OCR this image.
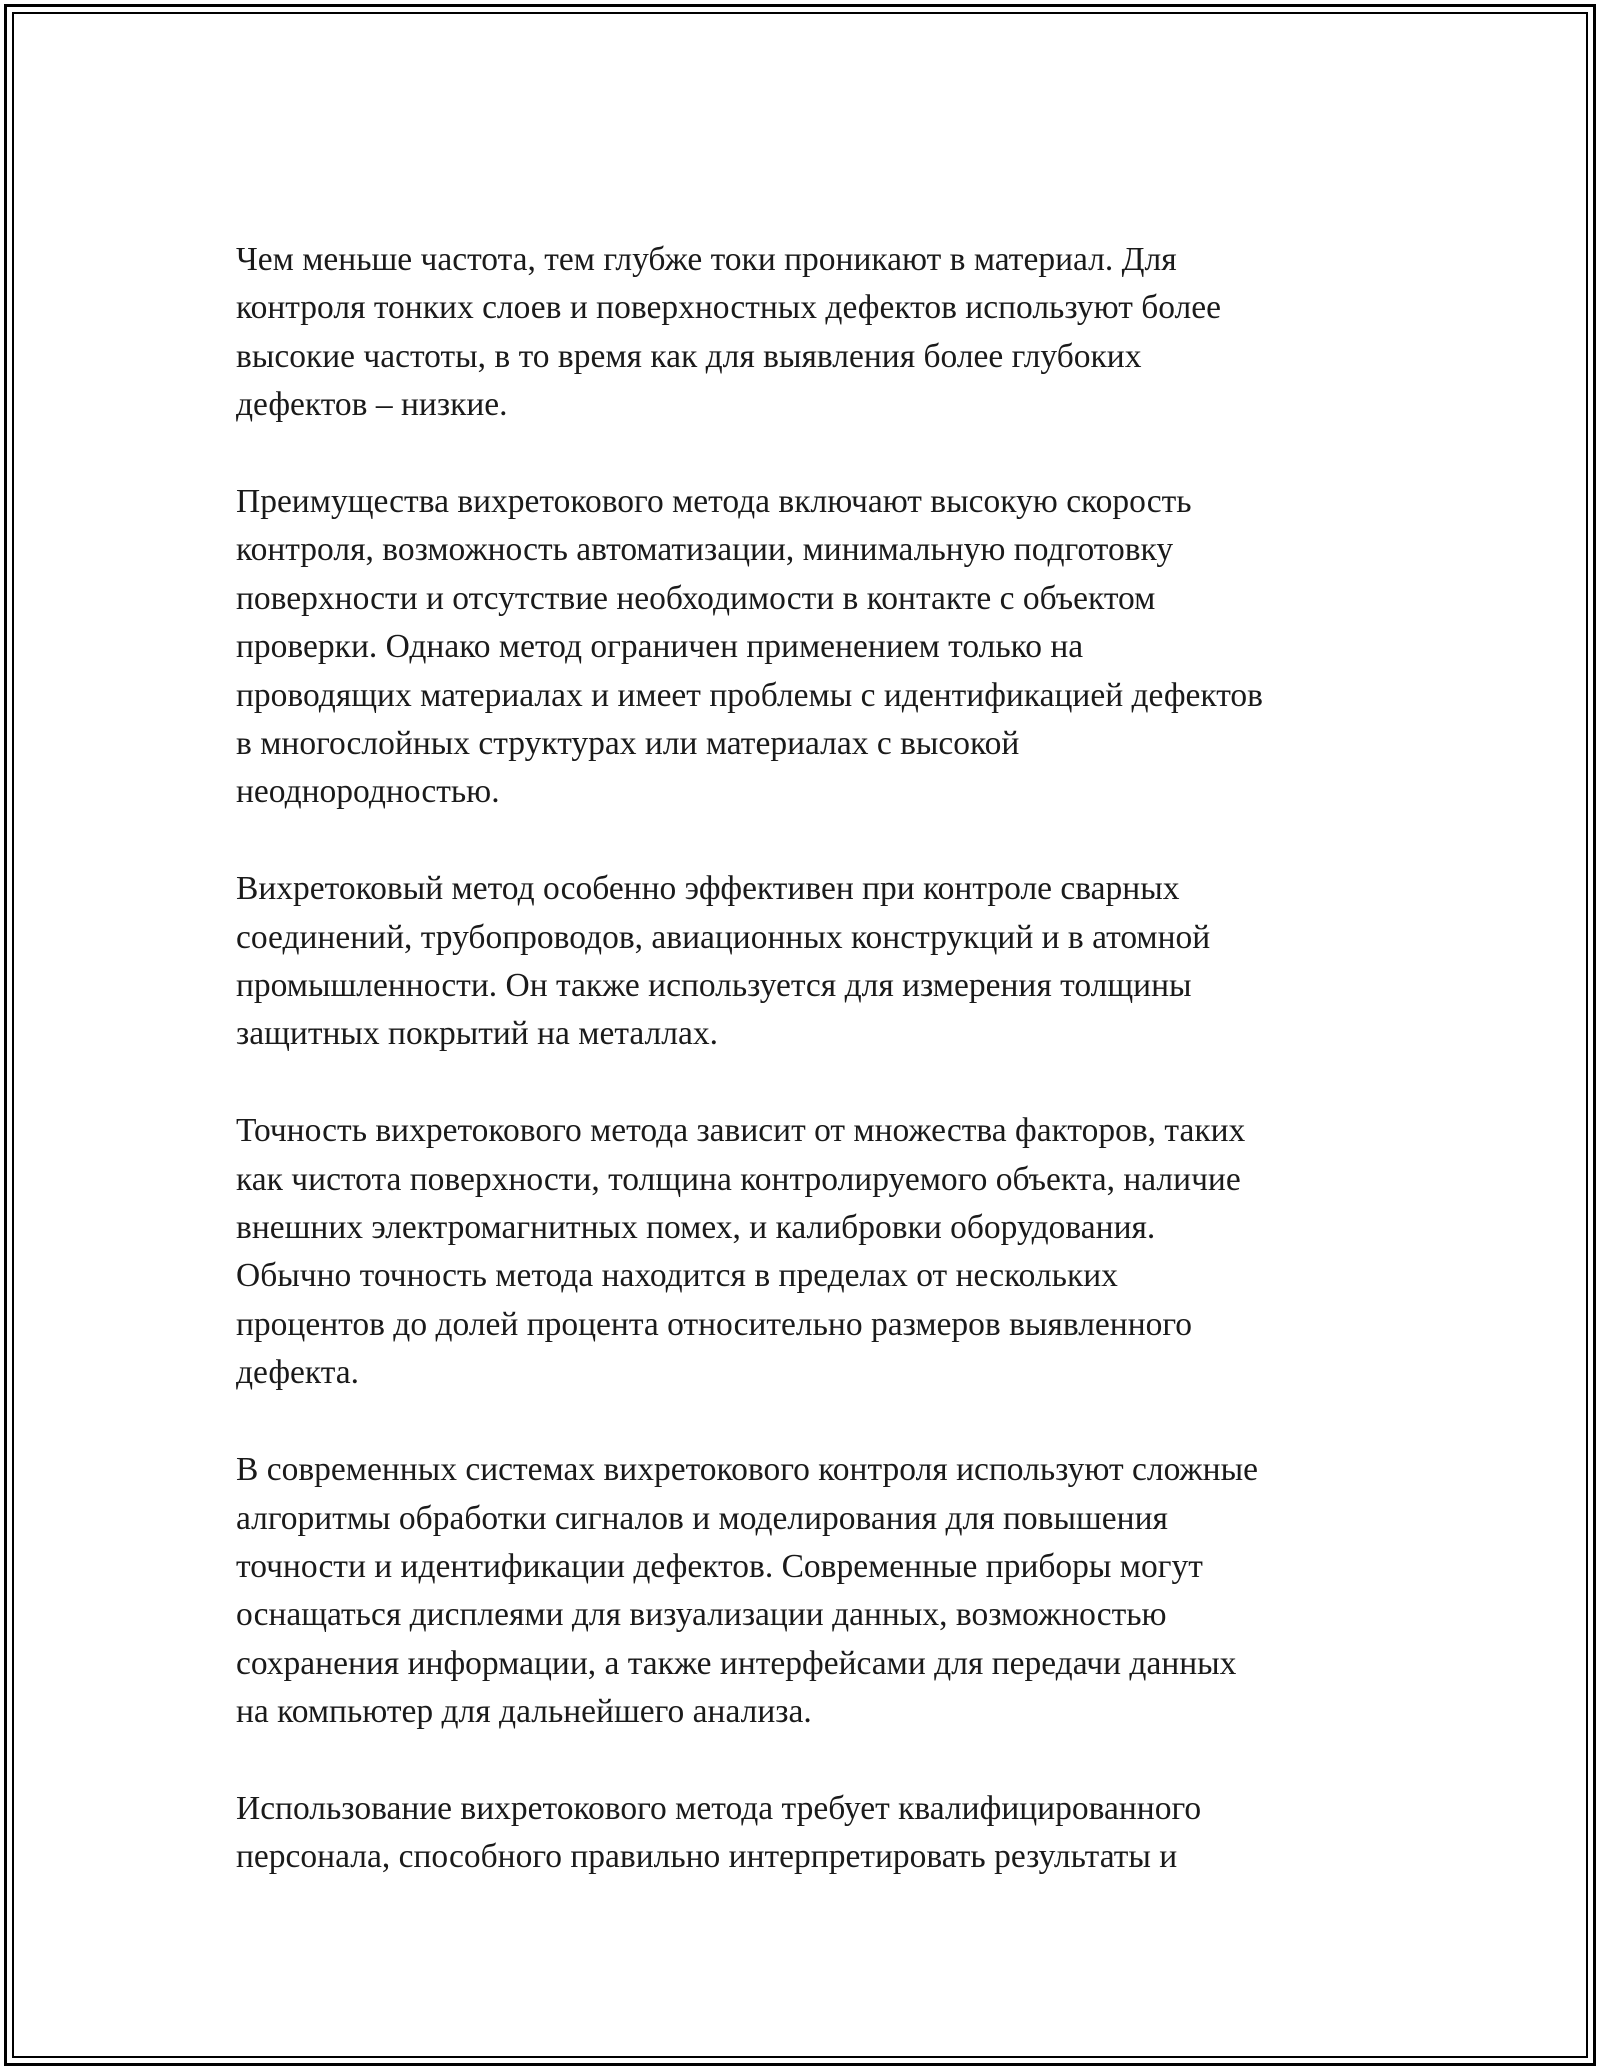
Чем меньше частота, тем глубже токи проникают в материал. Для
контроля тонких слоев и поверхностных дефектов используют более
высокие частоты, в то время как для выявления более глубоких
дефектов – низкие.

Преимущества вихретокового метода включают высокую скорость
контроля, возможность автоматизации, минимальную подготовку
поверхности и отсутствие необходимости в контакте с объектом
проверки. Однако метод ограничен применением только на
проводящих материалах и имеет проблемы с идентификацией дефектов
в многослойных структурах или материалах с высокой
неоднородностью.

Вихретоковый метод особенно эффективен при контроле сварных
соединений, трубопроводов, авиационных конструкций и в атомной
промышленности. Он также используется для измерения толщины
защитных покрытий на металлах.

Точность вихретокового метода зависит от множества факторов, таких
как чистота поверхности, толщина контролируемого объекта, наличие
внешних электромагнитных помех, и калибровки оборудования.
Обычно точность метода находится в пределах от нескольких
процентов до долей процента относительно размеров выявленного
дефекта.

В современных системах вихретокового контроля используют сложные
алгоритмы обработки сигналов и моделирования для повышения
точности и идентификации дефектов. Современные приборы могут
оснащаться дисплеями для визуализации данных, возможностью
сохранения информации, а также интерфейсами для передачи данных
на компьютер для дальнейшего анализа.

Использование вихретокового метода требует квалифицированного
персонала, способного правильно интерпретировать результаты и
